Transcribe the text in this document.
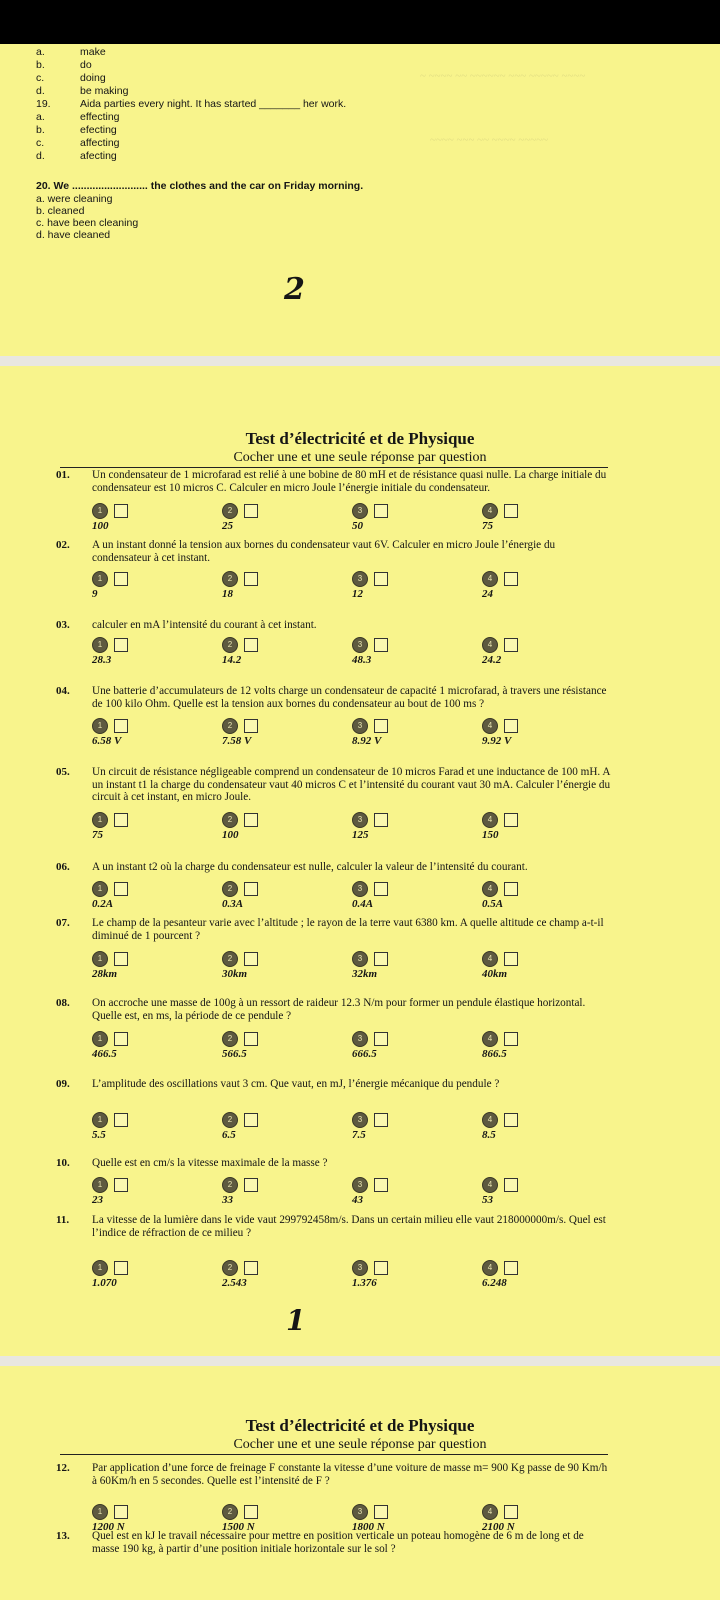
~ ~~~~ ~~ ~~~~~~ ~~~ ~~~~~ ~~~~
~~~~ ~~~ ~~ ~~~~ ~~~~~
a.	make
b.	do
c.	doing
d.	be making
19.	Aida parties every night. It has started _______ her work.
a.	effecting
b.	efecting
c.	affecting
d.	afecting
20. We .......................... the clothes and the car on Friday morning.
a. were cleaning
b. cleaned
c. have been cleaning
d. have cleaned
2
Test d’électricité et de Physique
Cocher une et une seule réponse par question
01. Un condensateur de 1 microfarad est relié à une bobine de 80 mH et de résistance quasi nulle. La charge initiale du condensateur est 10 micros C. Calculer en micro Joule l’énergie initiale du condensateur.
1
100
2
25
3
50
4
75
02. A un instant donné la tension aux bornes du condensateur vaut 6V. Calculer en micro Joule l’énergie du condensateur à cet instant.
1
9
2
18
3
12
4
24
03. calculer en mA l’intensité du courant à cet instant.
1
28.3
2
14.2
3
48.3
4
24.2
04. Une batterie d’accumulateurs de 12 volts charge un condensateur de capacité 1 microfarad, à travers une résistance de 100 kilo Ohm. Quelle est la tension aux bornes du condensateur au bout de 100 ms ?
1
6.58 V
2
7.58 V
3
8.92 V
4
9.92 V
05. Un circuit de résistance négligeable comprend un condensateur de 10 micros Farad et une inductance de 100 mH. A un instant t1 la charge du condensateur vaut 40 micros C et l’intensité du courant vaut 30 mA. Calculer l’énergie du circuit à cet instant, en micro Joule.
1
75
2
100
3
125
4
150
06. A un instant t2 où la charge du condensateur est nulle, calculer la valeur de l’intensité du courant.
1
0.2A
2
0.3A
3
0.4A
4
0.5A
07. Le champ de la pesanteur varie avec l’altitude ; le rayon de la terre vaut 6380 km. A quelle altitude ce champ a-t-il diminué de 1 pourcent ?
1
28km
2
30km
3
32km
4
40km
08. On accroche une masse de 100g à un ressort de raideur 12.3 N/m pour former un pendule élastique horizontal. Quelle est, en ms, la période de ce pendule ?
1
466.5
2
566.5
3
666.5
4
866.5
09. L’amplitude des oscillations vaut 3 cm. Que vaut, en mJ, l’énergie mécanique du pendule ?
1
5.5
2
6.5
3
7.5
4
8.5
10. Quelle est en cm/s la vitesse maximale de la masse ?
1
23
2
33
3
43
4
53
11. La vitesse de la lumière dans le vide vaut 299792458m/s. Dans un certain milieu elle vaut 218000000m/s. Quel est l’indice de réfraction de ce milieu ?
1
1.070
2
2.543
3
1.376
4
6.248
1
Test d’électricité et de Physique
Cocher une et une seule réponse par question
12. Par application d’une force de freinage F constante la vitesse d’une voiture de masse m= 900 Kg passe de 90 Km/h à 60Km/h en 5 secondes. Quelle est l’intensité de F ?
1
1200 N
2
1500 N
3
1800 N
4
2100 N
13. Quel est en kJ le travail nécessaire pour mettre en position verticale un poteau homogène de 6 m de long et de masse 190 kg, à partir d’une position initiale horizontale sur le sol ?
